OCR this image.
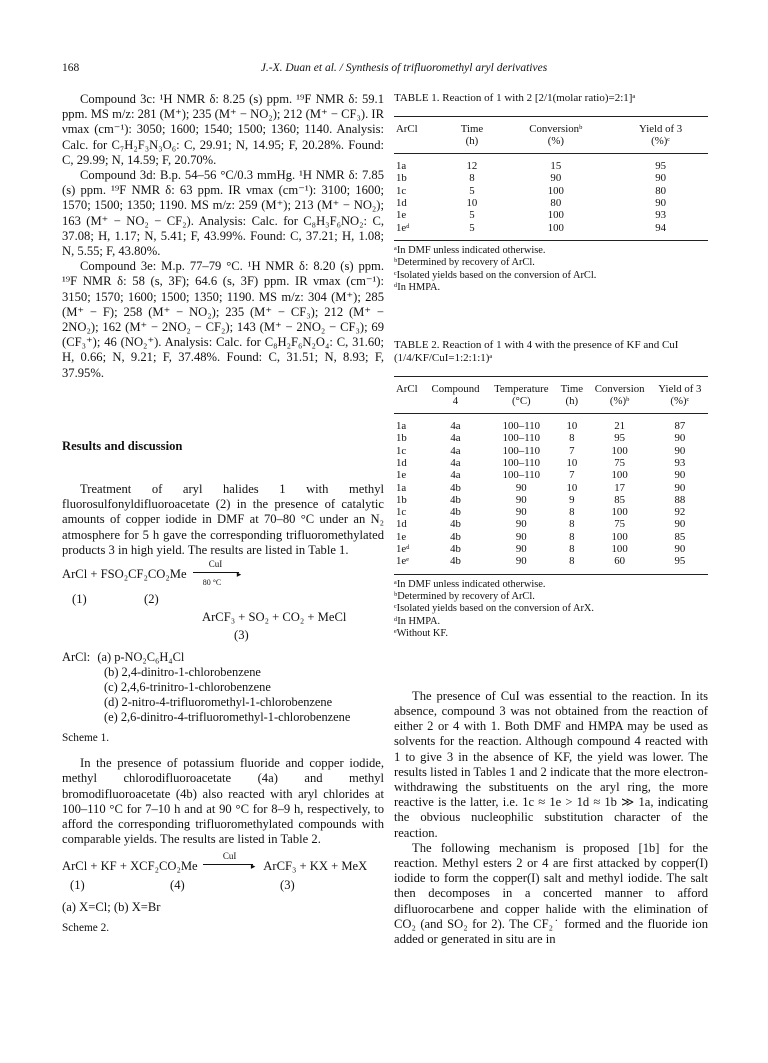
168	J.-X. Duan et al. / Synthesis of trifluoromethyl aryl derivatives

Compound 3c: ¹H NMR δ: 8.25 (s) ppm. ¹⁹F NMR δ: 59.1 ppm. MS m/z: 281 (M⁺); 235 (M⁺ − NO₂); 212 (M⁺ − CF₃). IR νmax (cm⁻¹): 3050; 1600; 1540; 1500; 1360; 1140. Analysis: Calc. for C₇H₂F₃N₃O₆: C, 29.91; N, 14.95; F, 20.28%. Found: C, 29.99; N, 14.59; F, 20.70%.

Compound 3d: B.p. 54–56 °C/0.3 mmHg. ¹H NMR δ: 7.85 (s) ppm. ¹⁹F NMR δ: 63 ppm. IR νmax (cm⁻¹): 3100; 1600; 1570; 1500; 1350; 1190. MS m/z: 259 (M⁺); 213 (M⁺ − NO₂); 163 (M⁺ − NO₂ − CF₂). Analysis: Calc. for C₈H₃F₆NO₂: C, 37.08; H, 1.17; N, 5.41; F, 43.99%. Found: C, 37.21; H, 1.08; N, 5.55; F, 43.80%.

Compound 3e: M.p. 77–79 °C. ¹H NMR δ: 8.20 (s) ppm. ¹⁹F NMR δ: 58 (s, 3F); 64.6 (s, 3F) ppm. IR νmax (cm⁻¹): 3150; 1570; 1600; 1500; 1350; 1190. MS m/z: 304 (M⁺); 285 (M⁺ − F); 258 (M⁺ − NO₂); 235 (M⁺ − CF₃); 212 (M⁺ − 2NO₂); 162 (M⁺ − 2NO₂ − CF₂); 143 (M⁺ − 2NO₂ − CF₃); 69 (CF₃⁺); 46 (NO₂⁺). Analysis: Calc. for C₈H₂F₆N₂O₄: C, 31.60; H, 0.66; N, 9.21; F, 37.48%. Found: C, 31.51; N, 8.93; F, 37.95%.

Results and discussion

Treatment of aryl halides 1 with methyl fluorosulfonyldifluoroacetate (2) in the presence of catalytic amounts of copper iodide in DMF at 70–80 °C under an N₂ atmosphere for 5 h gave the corresponding trifluoromethylated products 3 in high yield. The results are listed in Table 1.

ArCl + FSO₂CF₂CO₂Me
CuI
▸
80 °C
(1)	(2)
ArCF₃ + SO₂ + CO₂ + MeCl
(3)
ArCl: (a) p-NO₂C₆H₄Cl
(b) 2,4-dinitro-1-chlorobenzene
(c) 2,4,6-trinitro-1-chlorobenzene
(d) 2-nitro-4-trifluoromethyl-1-chlorobenzene
(e) 2,6-dinitro-4-trifluoromethyl-1-chlorobenzene
Scheme 1.

In the presence of potassium fluoride and copper iodide, methyl chlorodifluoroacetate (4a) and methyl bromodifluoroacetate (4b) also reacted with aryl chlorides at 100–110 °C for 7–10 h and at 90 °C for 8–9 h, respectively, to afford the corresponding trifluoromethylated compounds with comparable yields. The results are listed in Table 2.

ArCl + KF + XCF₂CO₂Me
CuI
▸ ArCF₃ + KX + MeX
(1)	(4)	(3)
(a) X=Cl; (b) X=Br
Scheme 2.
TABLE 1. Reaction of 1 with 2 [2/1(molar ratio)=2:1]ᵃ
ArCl	Time	Conversionᵇ	Yield of 3
	(h)	(%)	(%)ᶜ
1a	12	15	95
1b	8	90	90
1c	5	100	80
1d	10	80	90
1e	5	100	93
1eᵈ	5	100	94
ᵃIn DMF unless indicated otherwise.
ᵇDetermined by recovery of ArCl.
ᶜIsolated yields based on the conversion of ArCl.
ᵈIn HMPA.
TABLE 2. Reaction of 1 with 4 with the presence of KF and CuI (1/4/KF/CuI=1:2:1:1)ᵃ
ArCl	Compound	Temperature	Time	Conversion	Yield of 3
	4	(°C)	(h)	(%)ᵇ	(%)ᶜ
1a	4a	100–110	10	21	87
1b	4a	100–110	8	95	90
1c	4a	100–110	7	100	90
1d	4a	100–110	10	75	93
1e	4a	100–110	7	100	90
1a	4b	90	10	17	90
1b	4b	90	9	85	88
1c	4b	90	8	100	92
1d	4b	90	8	75	90
1e	4b	90	8	100	85
1eᵈ	4b	90	8	100	90
1eᵉ	4b	90	8	60	95
ᵃIn DMF unless indicated otherwise.
ᵇDetermined by recovery of ArCl.
ᶜIsolated yields based on the conversion of ArX.
ᵈIn HMPA.
ᵉWithout KF.

The presence of CuI was essential to the reaction. In its absence, compound 3 was not obtained from the reaction of either 2 or 4 with 1. Both DMF and HMPA may be used as solvents for the reaction. Although compound 4 reacted with 1 to give 3 in the absence of KF, the yield was lower. The results listed in Tables 1 and 2 indicate that the more electron-withdrawing the substituents on the aryl ring, the more reactive is the latter, i.e. 1c ≈ 1e > 1d ≈ 1b ≫ 1a, indicating the obvious nucleophilic substitution character of the reaction.

The following mechanism is proposed [1b] for the reaction. Methyl esters 2 or 4 are first attacked by copper(I) iodide to form the copper(I) salt and methyl iodide. The salt then decomposes in a concerted manner to afford difluorocarbene and copper halide with the elimination of CO₂ (and SO₂ for 2). The CF₂˙ formed and the fluoride ion added or generated in situ are in
